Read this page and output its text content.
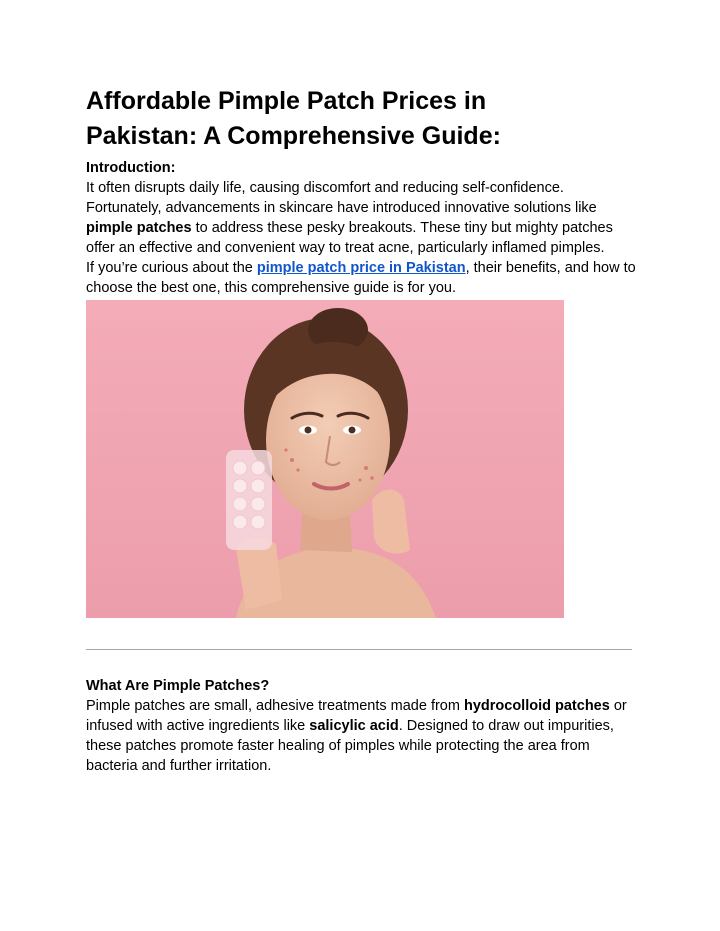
Affordable Pimple Patch Prices in
Pakistan: A Comprehensive Guide:
Introduction:

It often disrupts daily life, causing discomfort and reducing self-confidence. Fortunately, advancements in skincare have introduced innovative solutions like pimple patches to address these pesky breakouts. These tiny but mighty patches offer an effective and convenient way to treat acne, particularly inflamed pimples.

If you’re curious about the pimple patch price in Pakistan, their benefits, and how to choose the best one, this comprehensive guide is for you.

What Are Pimple Patches?

Pimple patches are small, adhesive treatments made from hydrocolloid patches or infused with active ingredients like salicylic acid. Designed to draw out impurities, these patches promote faster healing of pimples while protecting the area from bacteria and further irritation.
